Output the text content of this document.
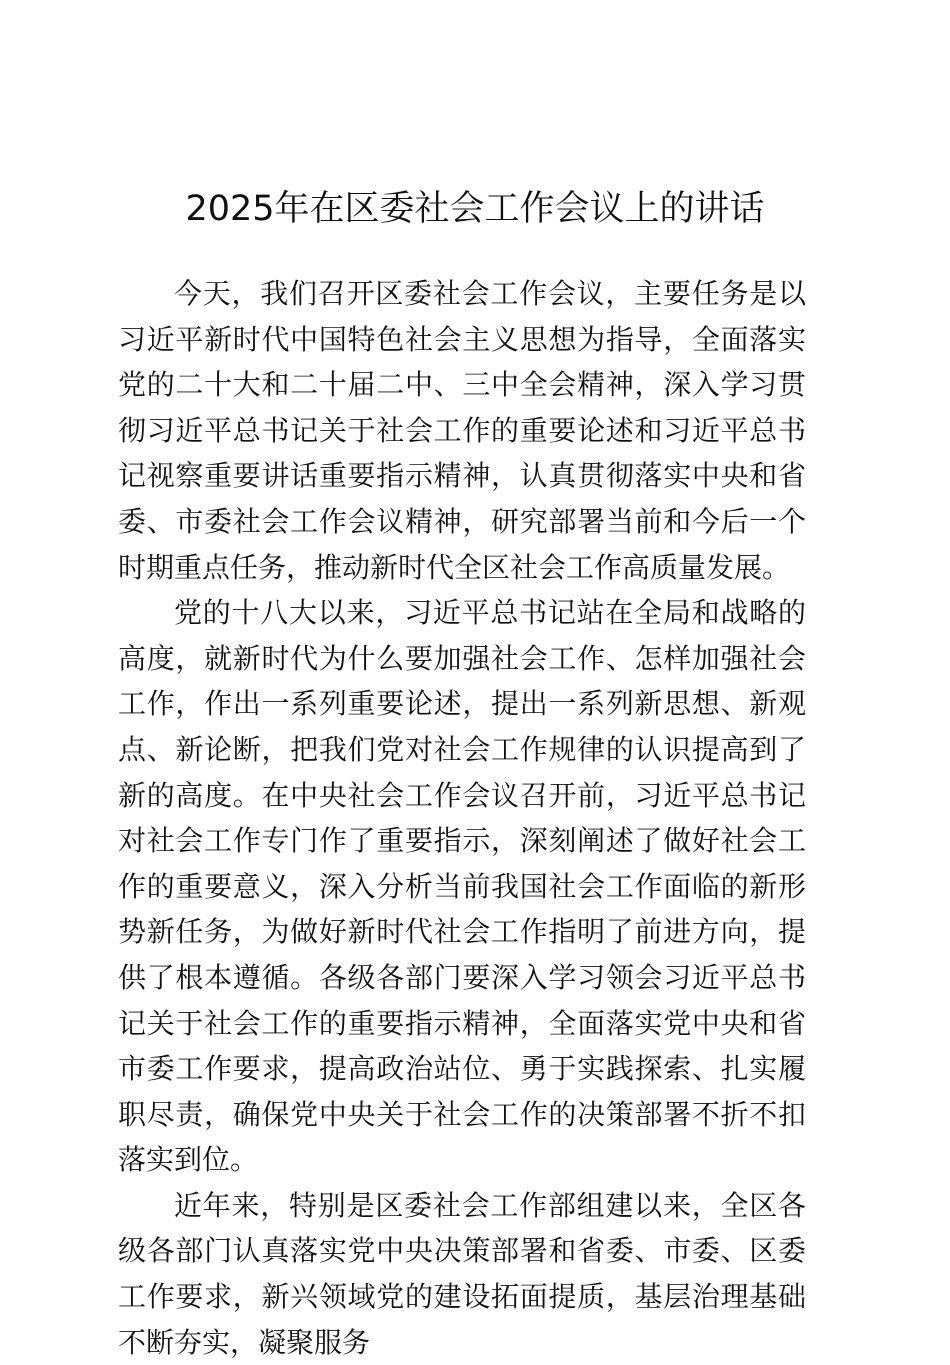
2025年在区委社会工作会议上的讲话

今天，我们召开区委社会工作会议，主要任务是以习近平新时代中国特色社会主义思想为指导，全面落实党的二十大和二十届二中、三中全会精神，深入学习贯彻习近平总书记关于社会工作的重要论述和习近平总书记视察重要讲话重要指示精神，认真贯彻落实中央和省委、市委社会工作会议精神，研究部署当前和今后一个时期重点任务，推动新时代全区社会工作高质量发展。

党的十八大以来，习近平总书记站在全局和战略的高度，就新时代为什么要加强社会工作、怎样加强社会工作，作出一系列重要论述，提出一系列新思想、新观点、新论断，把我们党对社会工作规律的认识提高到了新的高度。在中央社会工作会议召开前，习近平总书记对社会工作专门作了重要指示，深刻阐述了做好社会工作的重要意义，深入分析当前我国社会工作面临的新形势新任务，为做好新时代社会工作指明了前进方向，提供了根本遵循。各级各部门要深入学习领会习近平总书记关于社会工作的重要指示精神，全面落实党中央和省市委工作要求，提高政治站位、勇于实践探索、扎实履职尽责，确保党中央关于社会工作的决策部署不折不扣落实到位。

近年来，特别是区委社会工作部组建以来，全区各级各部门认真落实党中央决策部署和省委、市委、区委工作要求，新兴领域党的建设拓面提质，基层治理基础不断夯实，凝聚服务
